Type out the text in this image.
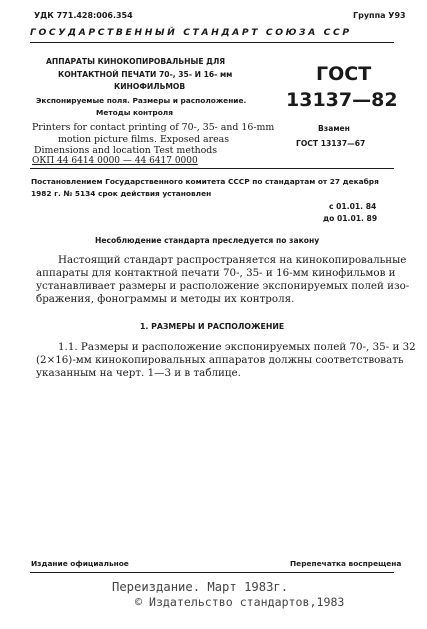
УДК 771.428:006.354	Группа У93
ГОСУДАРСТВЕННЫЙ СТАНДАРТ СОЮЗА ССР
АППАРАТЫ КИНОКОПИРОВАЛЬНЫЕ ДЛЯ
КОНТАКТНОЙ ПЕЧАТИ 70-, 35- И 16- мм
КИНОФИЛЬМОВ
Экспонируемые поля. Размеры и расположение.
Методы контроля
Printers for contact printing of 70-, 35- and 16-mm
motion picture films. Exposed areas
Dimensions and location Test methods
ОКП 44 6414 0000 — 44 6417 0000
ГОСТ
13137—82
Взамен
ГОСТ 13137—67
Постановлением Государственного комитета СССР по стандартам от 27 декабря
1982 г. № 5134 срок действия установлен
с 01.01. 84
до 01.01. 89
Несоблюдение стандарта преследуется по закону

Настоящий стандарт распространяется на кинокопировальные

аппараты для контактной печати 70-, 35- и 16-мм кинофильмов и

устанавливает размеры и расположение экспонируемых полей изо-

бражения, фонограммы и методы их контроля.

1. РАЗМЕРЫ И РАСПОЛОЖЕНИЕ

1.1. Размеры и расположение экспонируемых полей 70-, 35- и 32

(2×16)-мм кинокопировальных аппаратов должны соответствовать

указанным на черт. 1—3 и в таблице.

Издание официальное	Перепечатка воспрещена
Переиздание. Март 1983г.
© Издательство стандартов,1983
